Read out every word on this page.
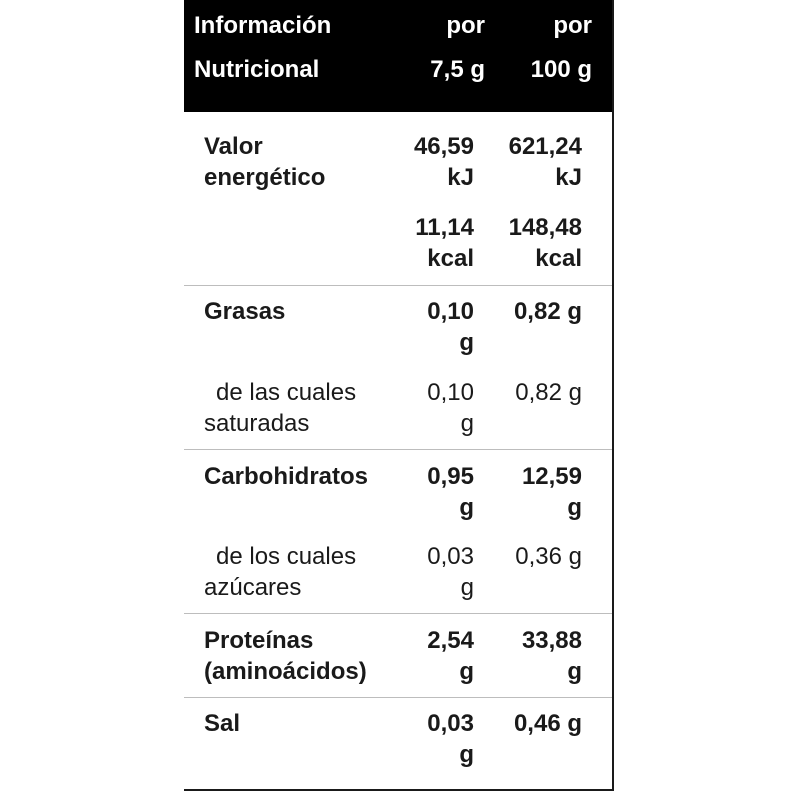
Información
Nutricional
por
7,5 g
por
100 g
Valor
energético
46,59
kJ
621,24
kJ
11,14
kcal
148,48
kcal
Grasas	0,10
g
0,82 g
de las cuales
saturadas
0,10
g
0,82 g
Carbohidratos 0,95
g
12,59
g
de los cuales
azúcares
0,03
g
0,36 g
Proteínas
(aminoácidos)
2,54
g
33,88
g
Sal	0,03
g
0,46 g
